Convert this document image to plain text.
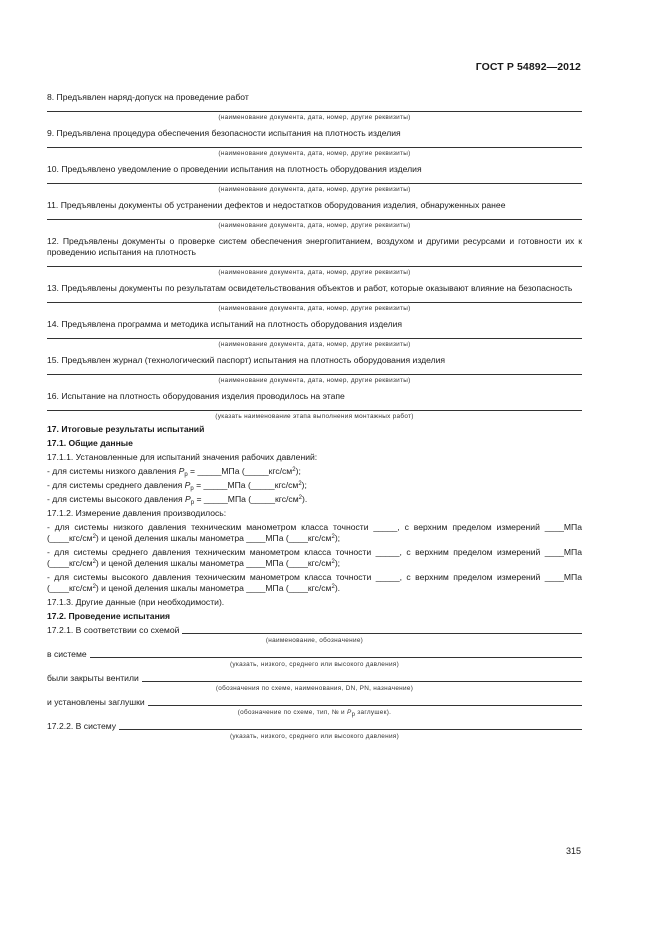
ГОСТ Р 54892—2012

8. Предъявлен наряд-допуск на проведение работ

(наименование документа, дата, номер, другие реквизиты)

9. Предъявлена процедура обеспечения безопасности испытания на плотность изделия

(наименование документа, дата, номер, другие реквизиты)

10. Предъявлено уведомление о проведении испытания на плотность оборудования изделия

(наименование документа, дата, номер, другие реквизиты)

11. Предъявлены документы об устранении дефектов и недостатков оборудования изделия, обнаруженных ранее

(наименование документа, дата, номер, другие реквизиты)

12. Предъявлены документы о проверке систем обеспечения энергопитанием, воздухом и другими ресурсами и готовности их к проведению испытания на плотность

(наименование документа, дата, номер, другие реквизиты)

13. Предъявлены документы по результатам освидетельствования объектов и работ, которые оказывают влияние на безопасность

(наименование документа, дата, номер, другие реквизиты)

14. Предъявлена программа и методика испытаний на плотность оборудования изделия

(наименование документа, дата, номер, другие реквизиты)

15. Предъявлен журнал (технологический паспорт) испытания на плотность оборудования изделия

(наименование документа, дата, номер, другие реквизиты)

16. Испытание на плотность оборудования изделия проводилось на этапе

(указать наименование этапа выполнения монтажных работ)

17. Итоговые результаты испытаний

17.1. Общие данные

17.1.1. Установленные для испытаний значения рабочих давлений:

- для системы низкого давления $P_р$ = _____МПа $(\_\_\_\_\_кгс/см^2)$;

- для системы среднего давления $P_р$ = _____МПа $(\_\_\_\_\_кгс/см^2)$;

- для системы высокого давления $P_р$ = _____МПа $(\_\_\_\_\_кгс/см^2)$.

17.1.2. Измерение давления производилось:

- для системы низкого давления техническим манометром класса точности _____, с верхним пределом измерений ____МПа $(\_\_\_\_кгс/см^2)$ и ценой деления шкалы манометра ____МПа $(\_\_\_\_кгс/см^2)$;

- для системы среднего давления техническим манометром класса точности _____, с верхним пределом измерений ____МПа $(\_\_\_\_кгс/см^2)$ и ценой деления шкалы манометра ____МПа $(\_\_\_\_кгс/см^2)$;

- для системы высокого давления техническим манометром класса точности _____, с верхним пределом измерений ____МПа $(\_\_\_\_кгс/см^2)$ и ценой деления шкалы манометра ____МПа $(\_\_\_\_кгс/см^2)$.

17.1.3. Другие данные (при необходимости).

17.2. Проведение испытания

17.2.1. В соответствии со схемой
(наименование, обозначение)
в системе
(указать, низкого, среднего или высокого давления)
были закрыты вентили
(обозначения по схеме, наименования, DN, PN, назначение)
и установлены заглушки
(обозначение по схеме, тип, № и $P_р$ заглушек).
17.2.2. В систему
(указать, низкого, среднего или высокого давления)
315
